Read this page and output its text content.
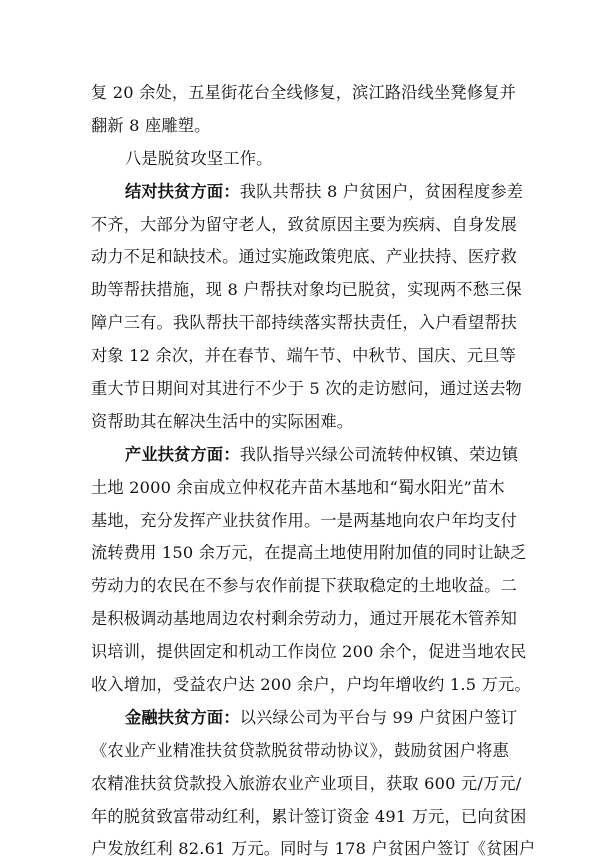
复 20 余处，五星街花台全线修复，滨江路沿线坐凳修复并
翻新 8 座雕塑。
八是脱贫攻坚工作。
结对扶贫方面：我队共帮扶 8 户贫困户，贫困程度参差
不齐，大部分为留守老人，致贫原因主要为疾病、自身发展
动力不足和缺技术。通过实施政策兜底、产业扶持、医疗救
助等帮扶措施，现 8 户帮扶对象均已脱贫，实现两不愁三保
障户三有。我队帮扶干部持续落实帮扶责任，入户看望帮扶
对象 12 余次，并在春节、端午节、中秋节、国庆、元旦等
重大节日期间对其进行不少于 5 次的走访慰问，通过送去物
资帮助其在解决生活中的实际困难。
产业扶贫方面：我队指导兴绿公司流转仲权镇、荣边镇
土地 2000 余亩成立仲权花卉苗木基地和“蜀水阳光”苗木
基地，充分发挥产业扶贫作用。一是两基地向农户年均支付
流转费用 150 余万元，在提高土地使用附加值的同时让缺乏
劳动力的农民在不参与农作前提下获取稳定的土地收益。二
是积极调动基地周边农村剩余劳动力，通过开展花木管养知
识培训，提供固定和机动工作岗位 200 余个，促进当地农民
收入增加，受益农户达 200 余户，户均年增收约 1.5 万元。
金融扶贫方面：以兴绿公司为平台与 99 户贫困户签订
《农业产业精准扶贫贷款脱贫带动协议》，鼓励贫困户将惠
农精准扶贫贷款投入旅游农业产业项目，获取 600 元/万元/
年的脱贫致富带动红利，累计签订资金 491 万元，已向贫困
户发放红利 82.61 万元。同时与 178 户贫困户签订《贫困户
